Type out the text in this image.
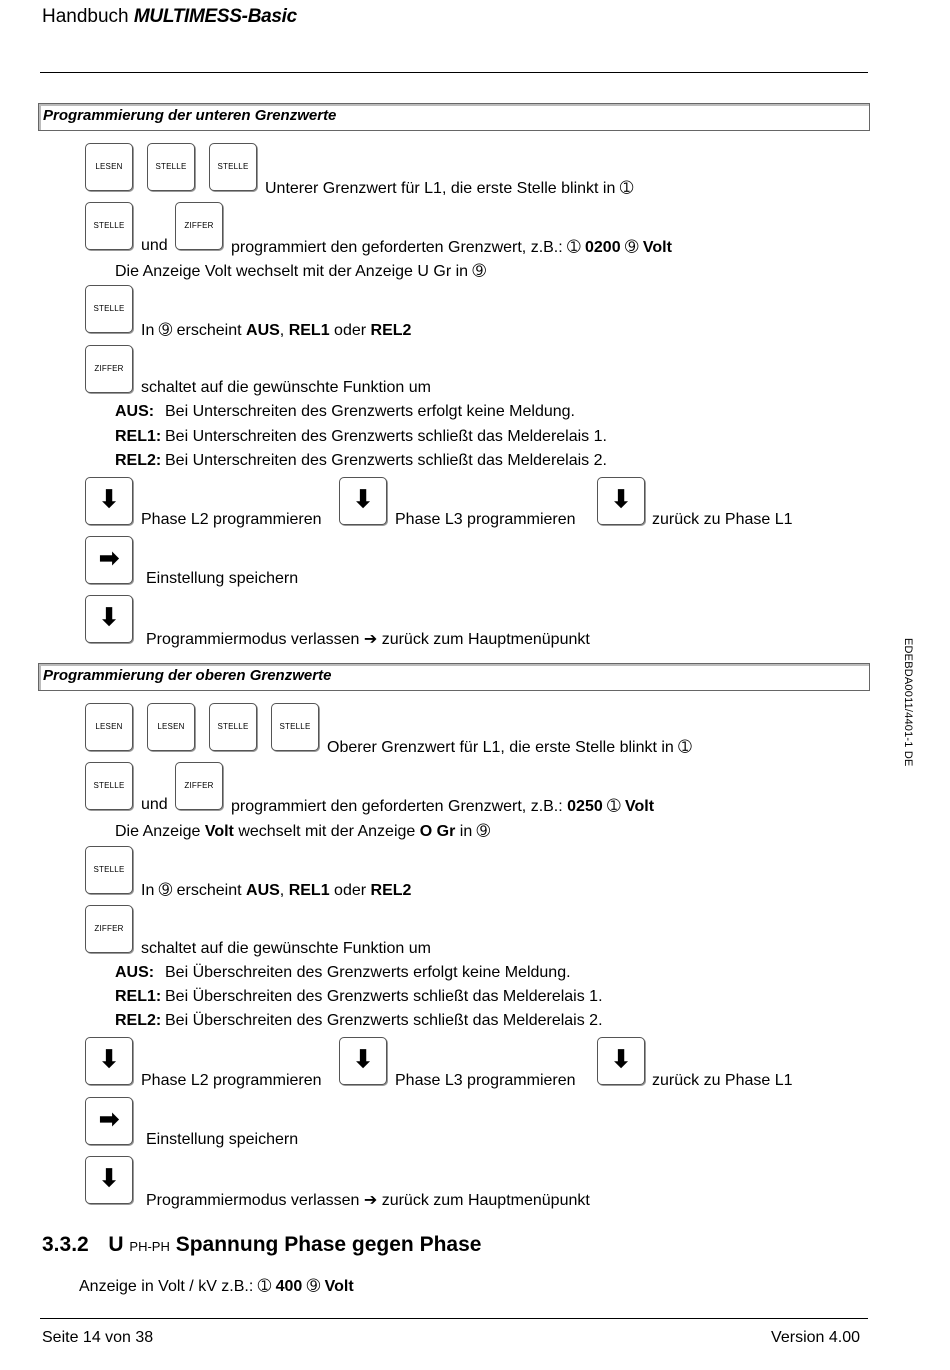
Handbuch MULTIMESS-Basic
Programmierung der unteren Grenzwerte
LESEN	STELLE	STELLE
Unterer Grenzwert für L1, die erste Stelle blinkt in ➀
STELLE
und
ZIFFER
programmiert den geforderten Grenzwert, z.B.: ➀ 0200 ➈ Volt
Die Anzeige Volt wechselt mit der Anzeige U Gr in ➈
STELLE
In ➈ erscheint AUS, REL1 oder REL2
ZIFFER
schaltet auf die gewünschte Funktion um
AUS: Bei Unterschreiten des Grenzwerts erfolgt keine Meldung.
REL1: Bei Unterschreiten des Grenzwerts schließt das Melderelais 1.
REL2: Bei Unterschreiten des Grenzwerts schließt das Melderelais 2.
⬇
Phase L2 programmieren
⬇
Phase L3 programmieren
⬇
zurück zu Phase L1
➡
Einstellung speichern
⬇
Programmiermodus verlassen ➔ zurück zum Hauptmenüpunkt
Programmierung der oberen Grenzwerte
LESEN	LESEN	STELLE	STELLE
Oberer Grenzwert für L1, die erste Stelle blinkt in ➀
STELLE
und
ZIFFER
programmiert den geforderten Grenzwert, z.B.: 0250 ➀ Volt
Die Anzeige Volt wechselt mit der Anzeige O Gr in ➈
STELLE
In ➈ erscheint AUS, REL1 oder REL2
ZIFFER
schaltet auf die gewünschte Funktion um
AUS: Bei Überschreiten des Grenzwerts erfolgt keine Meldung.
REL1: Bei Überschreiten des Grenzwerts schließt das Melderelais 1.
REL2: Bei Überschreiten des Grenzwerts schließt das Melderelais 2.
⬇
Phase L2 programmieren
⬇
Phase L3 programmieren
⬇
zurück zu Phase L1
➡
Einstellung speichern
⬇
Programmiermodus verlassen ➔ zurück zum Hauptmenüpunkt
EDEBDA0011/4401-1 DE
3.3.2 U PH-PH Spannung Phase gegen Phase
Anzeige in Volt / kV z.B.: ➀ 400 ➈ Volt
Seite 14 von 38	Version 4.00
